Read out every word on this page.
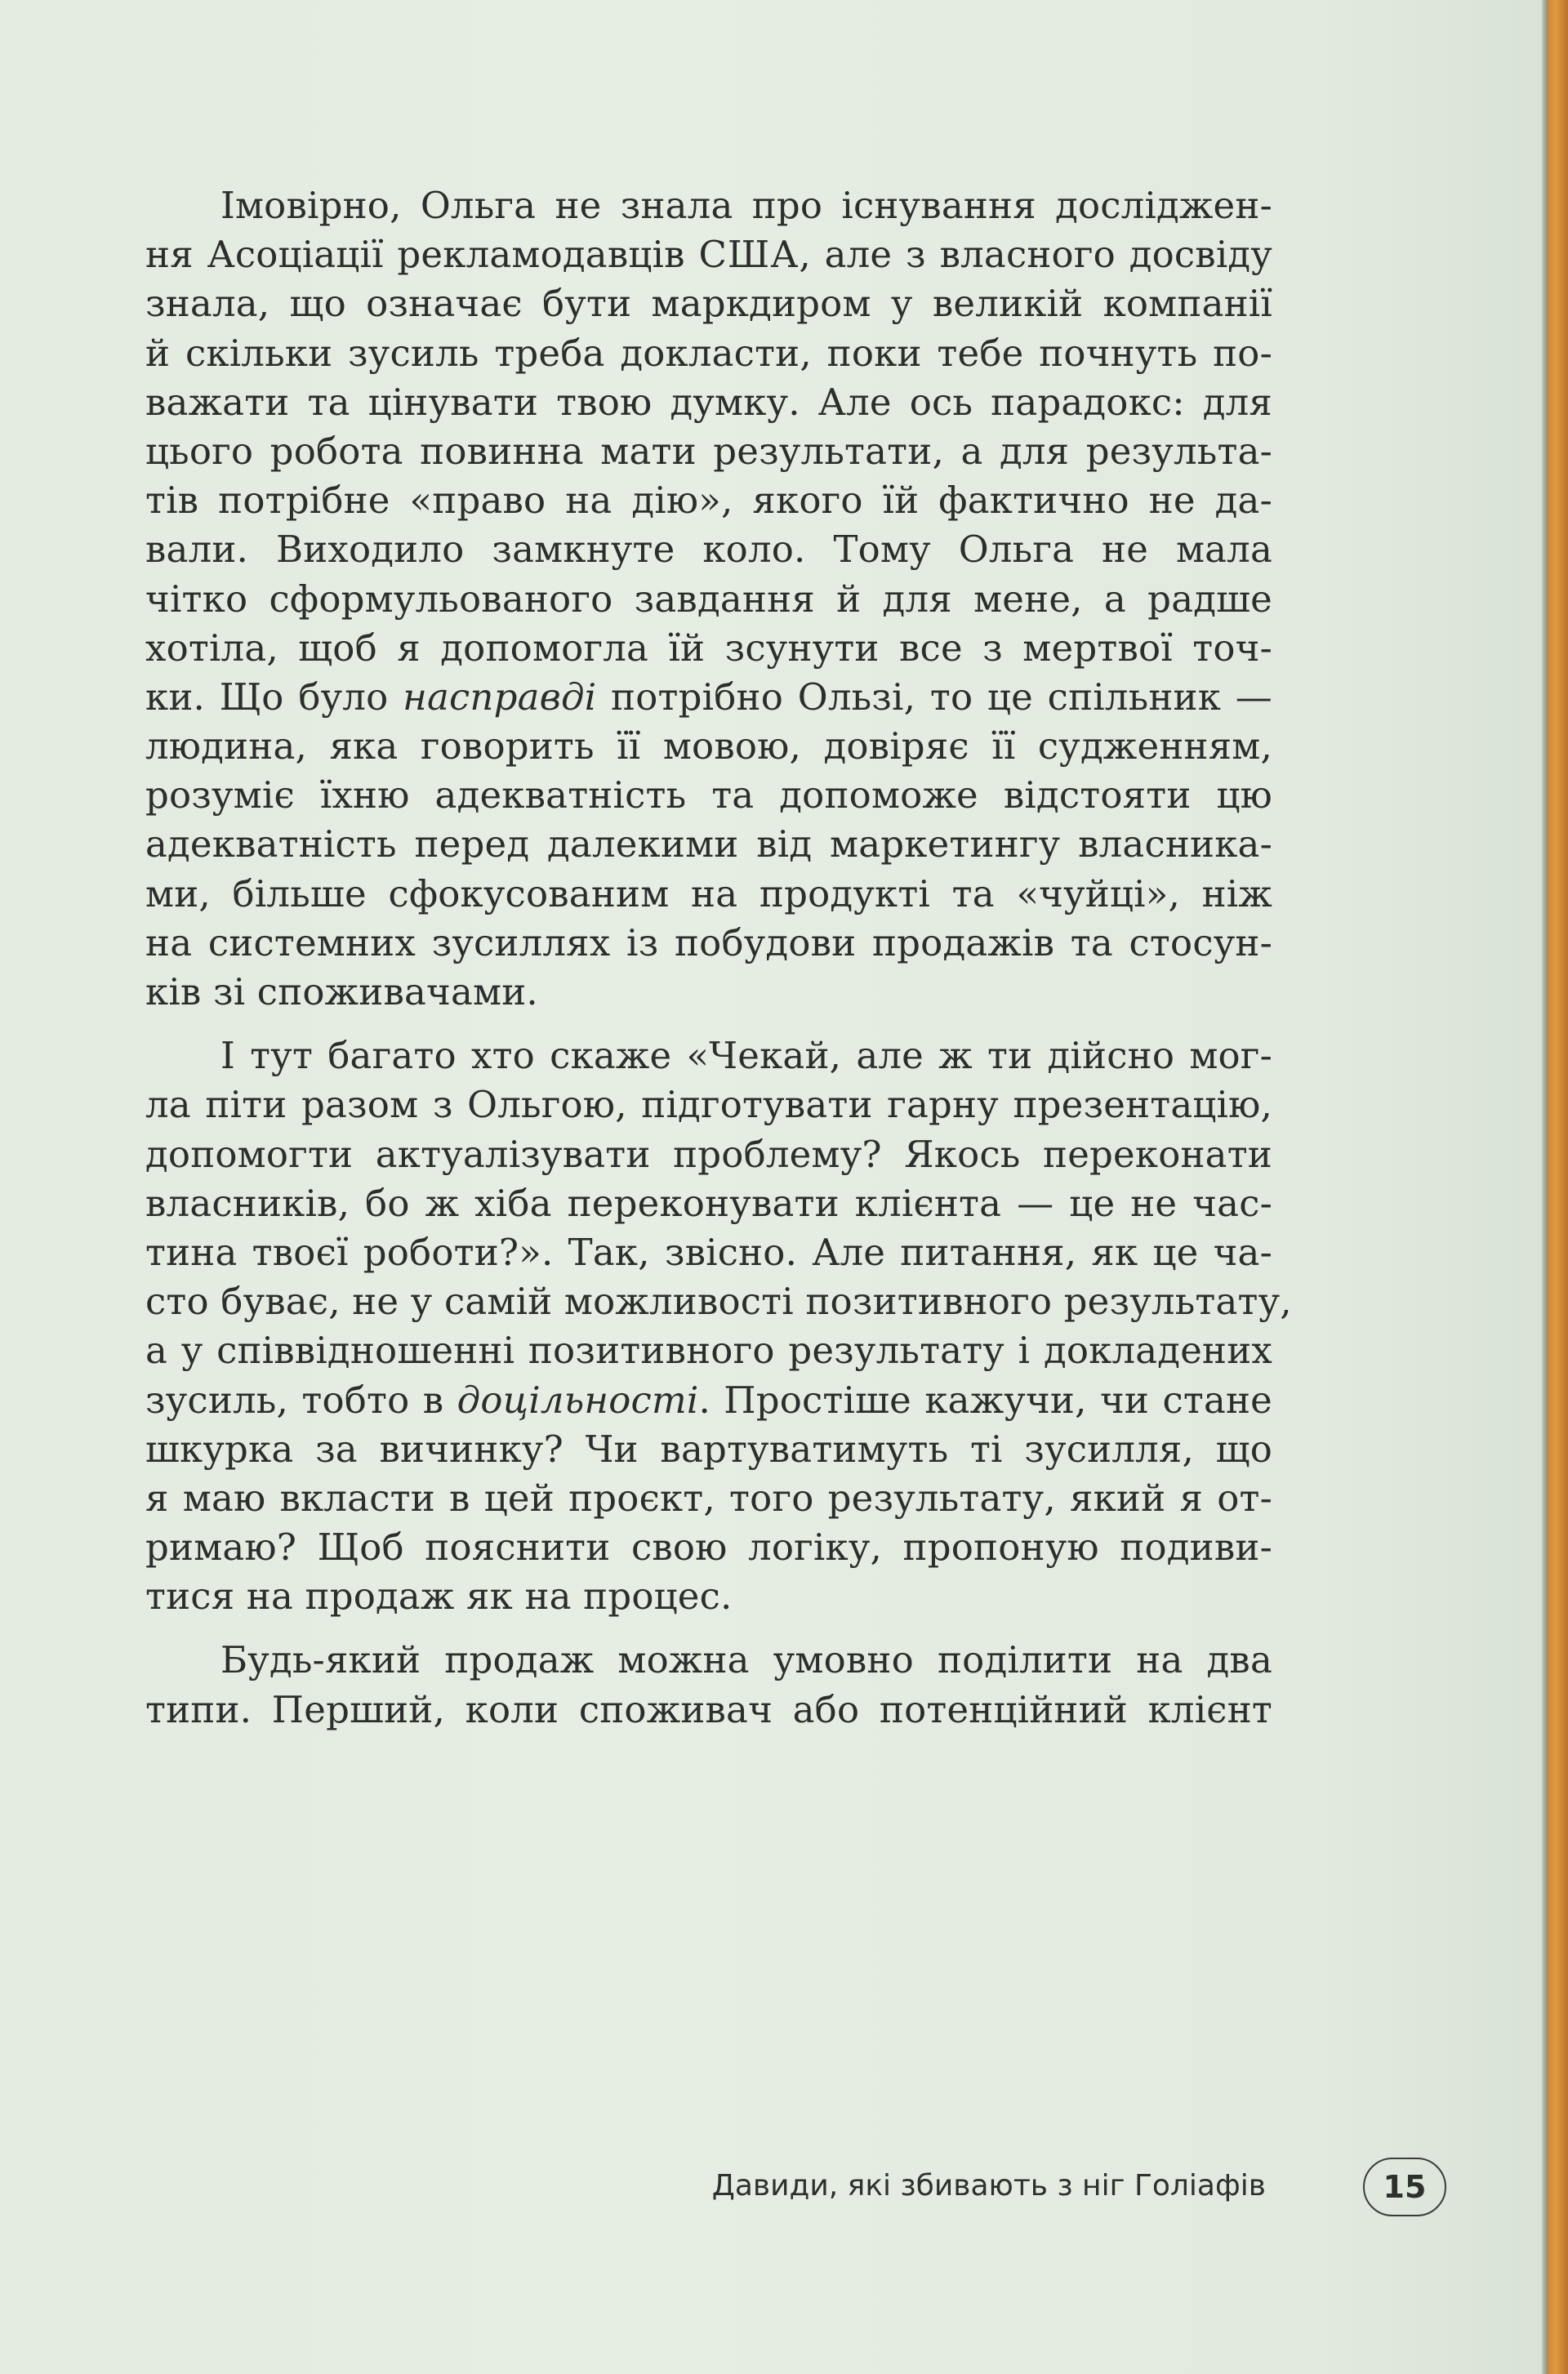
Імовірно, Ольга не знала про існування досліджен-
ня Асоціації рекламодавців США, але з власного досвіду
знала, що означає бути маркдиром у великій компанії
й скільки зусиль треба докласти, поки тебе почнуть по-
важати та цінувати твою думку. Але ось парадокс: для
цього робота повинна мати результати, а для результа-
тів потрібне «право на дію», якого їй фактично не да-
вали. Виходило замкнуте коло. Тому Ольга не мала
чітко сформульованого завдання й для мене, а радше
хотіла, щоб я допомогла їй зсунути все з мертвої точ-
ки. Що було насправді потрібно Ользі, то це спільник —
людина, яка говорить її мовою, довіряє її судженням,
розуміє їхню адекватність та допоможе відстояти цю
адекватність перед далекими від маркетингу власника-
ми, більше сфокусованим на продукті та «чуйці», ніж
на системних зусиллях із побудови продажів та стосун-
ків зі споживачами.
І тут багато хто скаже «Чекай, але ж ти дійсно мог-
ла піти разом з Ольгою, підготувати гарну презентацію,
допомогти актуалізувати проблему? Якось переконати
власників, бо ж хіба переконувати клієнта — це не час-
тина твоєї роботи?». Так, звісно. Але питання, як це ча-
сто буває, не у самій можливості позитивного результату,
а у співвідношенні позитивного результату і докладених
зусиль, тобто в доцільності. Простіше кажучи, чи стане
шкурка за вичинку? Чи вартуватимуть ті зусилля, що
я маю вкласти в цей проєкт, того результату, який я от-
римаю? Щоб пояснити свою логіку, пропоную подиви-
тися на продаж як на процес.
Будь-який продаж можна умовно поділити на два
типи. Перший, коли споживач або потенційний клієнт
Давиди, які збивають з ніг Голіафів	15
